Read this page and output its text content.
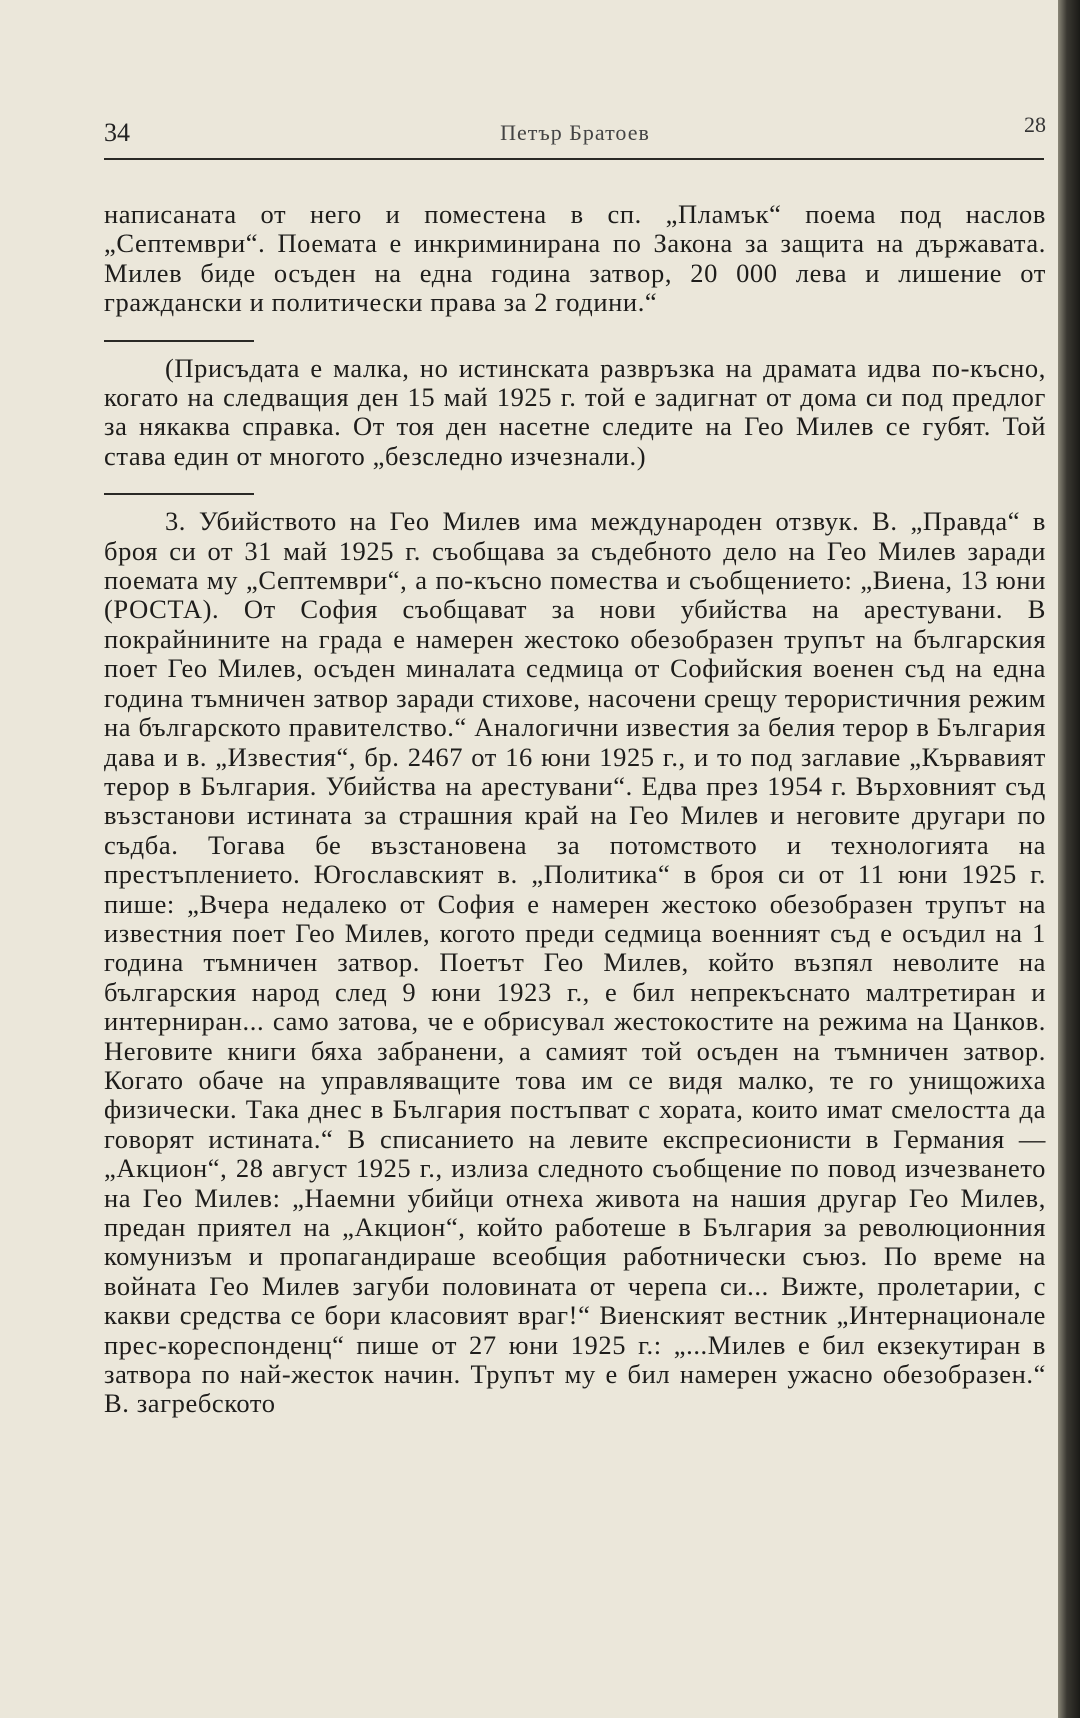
34	Петър Братоев	28

написаната от него и поместена в сп. „Пламък“ поема под наслов „Септември“. Поемата е инкриминирана по Закона за защита на държавата. Милев биде осъден на една година затвор, 20 000 лева и лишение от граждански и политически права за 2 години.“

(Присъдата е малка, но истинската развръзка на драмата идва по-късно, когато на следващия ден 15 май 1925 г. той е задигнат от дома си под предлог за някаква справка. От тоя ден насетне следите на Гео Милев се губят. Той става един от многото „безследно изчезнали.)

3. Убийството на Гео Милев има международен отзвук. В. „Правда“ в броя си от 31 май 1925 г. съобщава за съдебното дело на Гео Милев заради поемата му „Септември“, а по-късно помества и съобщението: „Виена, 13 юни (РОСТА). От София съобщават за нови убийства на арестувани. В покрайнините на града е намерен жестоко обезобразен трупът на българския поет Гео Милев, осъден миналата седмица от Софийския военен съд на една година тъмничен затвор заради стихове, насочени срещу терористичния режим на българското правителство.“ Аналогични известия за белия терор в България дава и в. „Известия“, бр. 2467 от 16 юни 1925 г., и то под заглавие „Кървавият терор в България. Убийства на арестувани“. Едва през 1954 г. Върховният съд възстанови истината за страшния край на Гео Милев и неговите другари по съдба. Тогава бе възстановена за потомството и технологията на престъплението. Югославският в. „Политика“ в броя си от 11 юни 1925 г. пише: „Вчера недалеко от София е намерен жестоко обезобразен трупът на известния поет Гео Милев, когото преди седмица военният съд е осъдил на 1 година тъмничен затвор. Поетът Гео Милев, който възпял неволите на българския народ след 9 юни 1923 г., е бил непрекъснато малтретиран и интерниран... само затова, че е обрисувал жестокостите на режима на Цанков. Неговите книги бяха забранени, а самият той осъден на тъмничен затвор. Когато обаче на управляващите това им се видя малко, те го унищожиха физически. Така днес в България постъпват с хората, които имат смелостта да говорят истината.“ В списанието на левите експресионисти в Германия — „Акцион“, 28 август 1925 г., излиза следното съобщение по повод изчезването на Гео Милев: „Наемни убийци отнеха живота на нашия другар Гео Милев, предан приятел на „Акцион“, който работеше в България за революционния комунизъм и пропагандираше всеобщия работнически съюз. По време на войната Гео Милев загуби половината от черепа си... Вижте, пролетарии, с какви средства се бори класовият враг!“ Виенският вестник „Интернационале прес-кореспонденц“ пише от 27 юни 1925 г.: „...Милев е бил екзекутиран в затвора по най-жесток начин. Трупът му е бил намерен ужасно обезобразен.“ В. загребското
